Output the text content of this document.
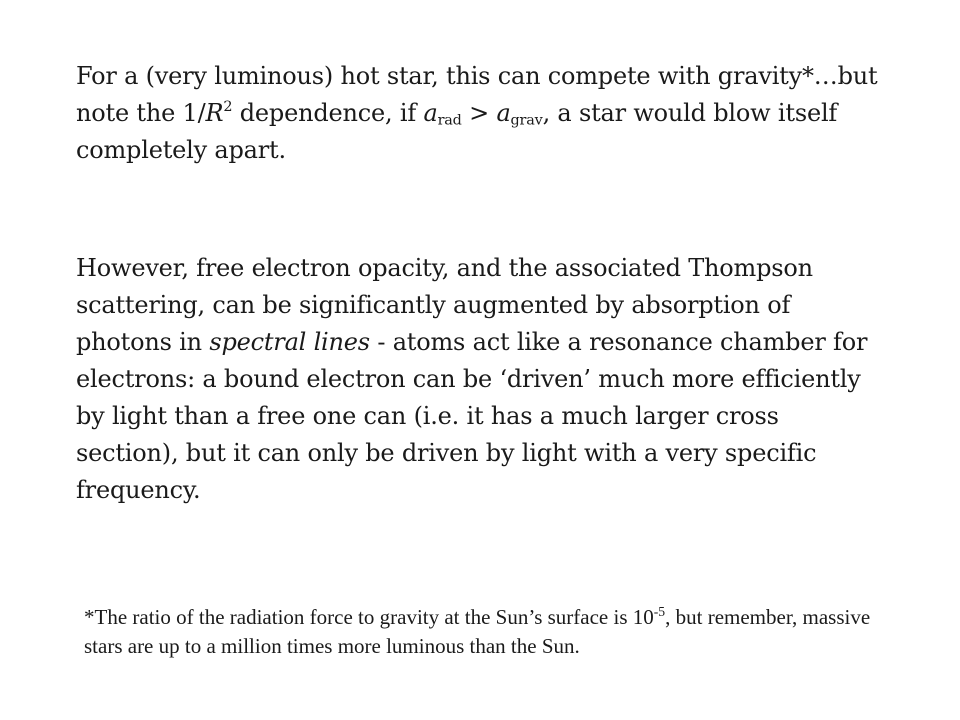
For a (very luminous) hot star, this can compete with gravity*…but note the $1/R^2$ dependence, if $a_{rad} > a_{grav}$, a star would blow itself completely apart.

However, free electron opacity, and the associated Thompson scattering, can be significantly augmented by absorption of photons in spectral lines - atoms act like a resonance chamber for electrons: a bound electron can be ‘driven’ much more efficiently by light than a free one can (i.e. it has a much larger cross section), but it can only be driven by light with a very specific frequency.

*The ratio of the radiation force to gravity at the Sun’s surface is 10$^{-5}$, but remember, massive stars are up to a million times more luminous than the Sun.
